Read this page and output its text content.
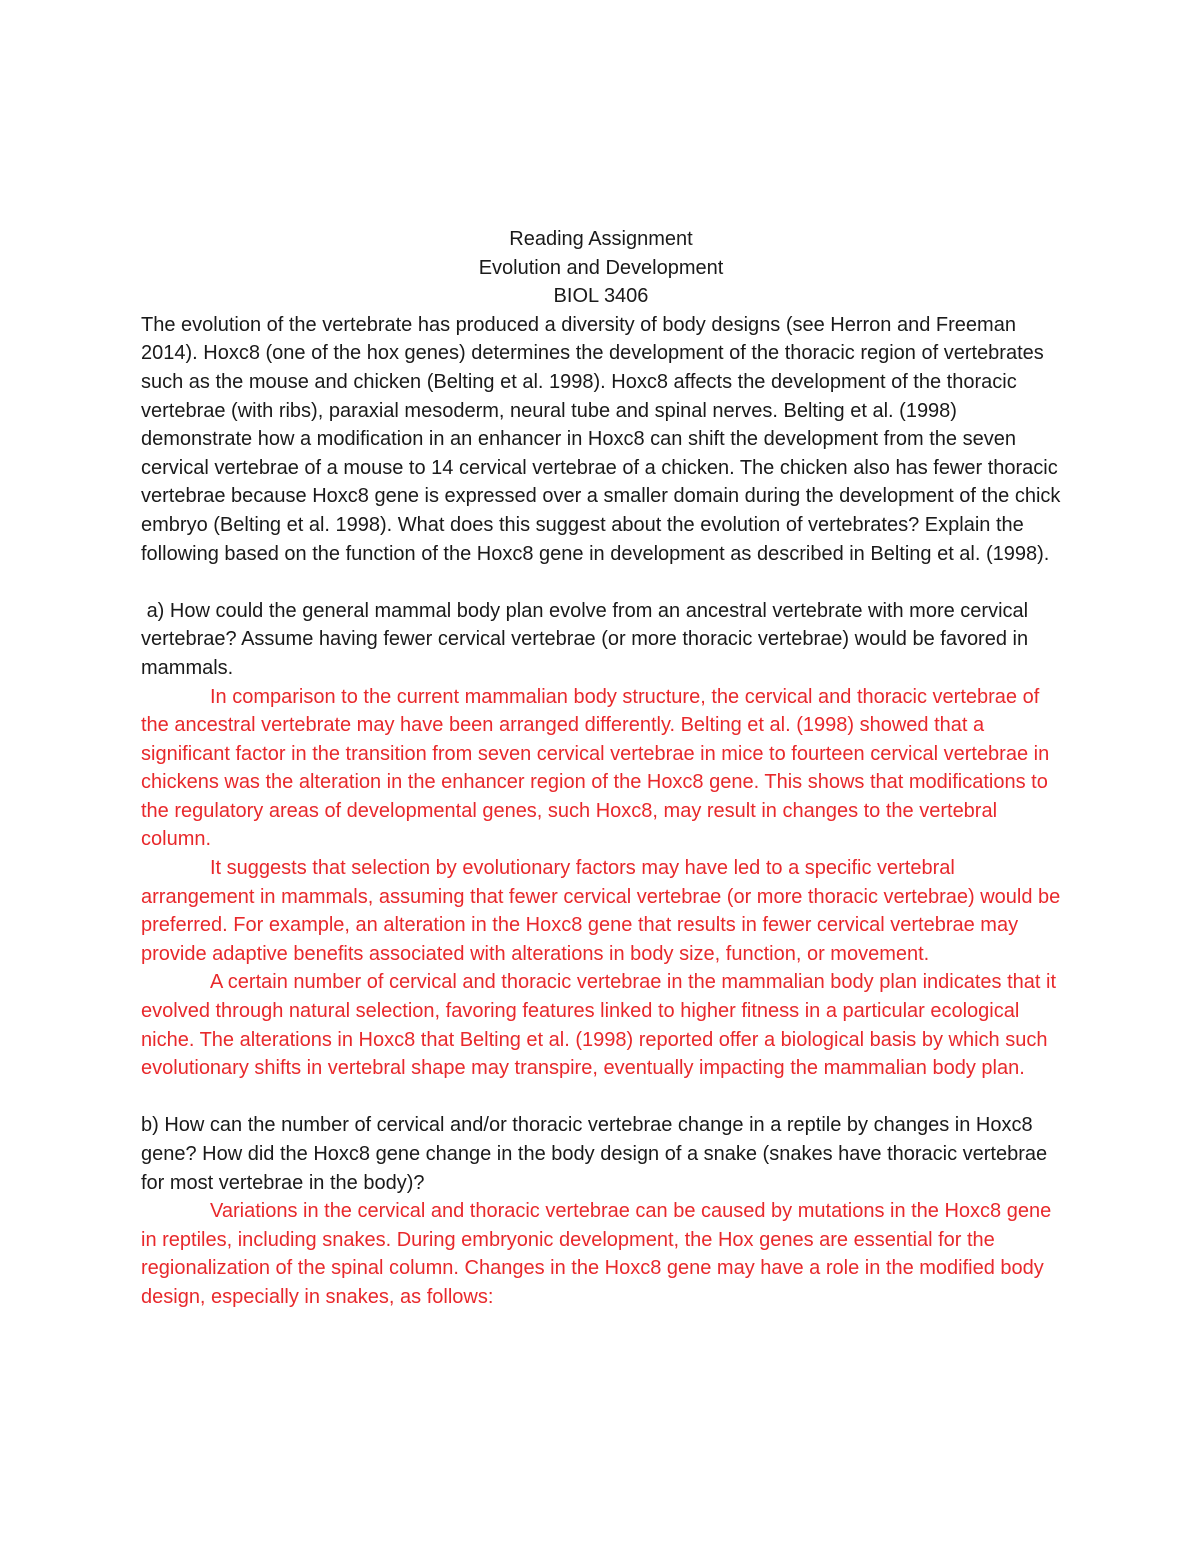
Reading Assignment

Evolution and Development

BIOL 3406

The evolution of the vertebrate has produced a diversity of body designs (see Herron and Freeman 2014). Hoxc8 (one of the hox genes) determines the development of the thoracic region of vertebrates such as the mouse and chicken (Belting et al. 1998). Hoxc8 affects the development of the thoracic vertebrae (with ribs), paraxial mesoderm, neural tube and spinal nerves. Belting et al. (1998) demonstrate how a modification in an enhancer in Hoxc8 can shift the development from the seven cervical vertebrae of a mouse to 14 cervical vertebrae of a chicken. The chicken also has fewer thoracic vertebrae because Hoxc8 gene is expressed over a smaller domain during the development of the chick embryo (Belting et al. 1998). What does this suggest about the evolution of vertebrates? Explain the following based on the function of the Hoxc8 gene in development as described in Belting et al. (1998).

a) How could the general mammal body plan evolve from an ancestral vertebrate with more cervical vertebrae? Assume having fewer cervical vertebrae (or more thoracic vertebrae) would be favored in mammals.

In comparison to the current mammalian body structure, the cervical and thoracic vertebrae of the ancestral vertebrate may have been arranged differently. Belting et al. (1998) showed that a significant factor in the transition from seven cervical vertebrae in mice to fourteen cervical vertebrae in chickens was the alteration in the enhancer region of the Hoxc8 gene. This shows that modifications to the regulatory areas of developmental genes, such Hoxc8, may result in changes to the vertebral column.

It suggests that selection by evolutionary factors may have led to a specific vertebral arrangement in mammals, assuming that fewer cervical vertebrae (or more thoracic vertebrae) would be preferred. For example, an alteration in the Hoxc8 gene that results in fewer cervical vertebrae may provide adaptive benefits associated with alterations in body size, function, or movement.

A certain number of cervical and thoracic vertebrae in the mammalian body plan indicates that it evolved through natural selection, favoring features linked to higher fitness in a particular ecological niche. The alterations in Hoxc8 that Belting et al. (1998) reported offer a biological basis by which such evolutionary shifts in vertebral shape may transpire, eventually impacting the mammalian body plan.

b) How can the number of cervical and/or thoracic vertebrae change in a reptile by changes in Hoxc8 gene? How did the Hoxc8 gene change in the body design of a snake (snakes have thoracic vertebrae for most vertebrae in the body)?

Variations in the cervical and thoracic vertebrae can be caused by mutations in the Hoxc8 gene in reptiles, including snakes. During embryonic development, the Hox genes are essential for the regionalization of the spinal column. Changes in the Hoxc8 gene may have a role in the modified body design, especially in snakes, as follows:
